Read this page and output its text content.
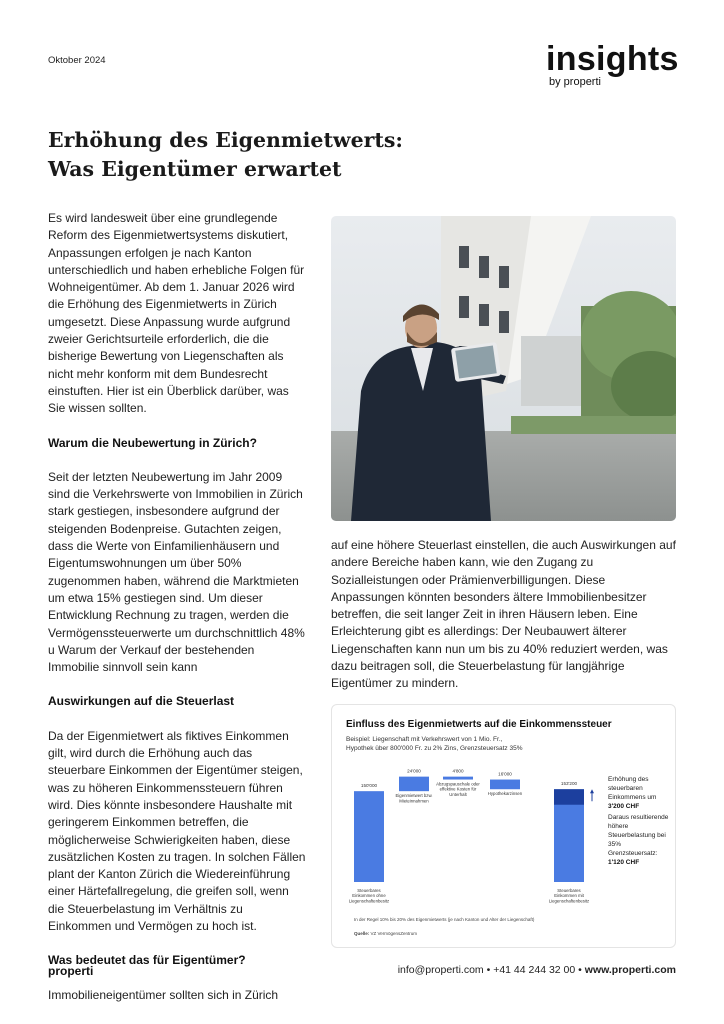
Oktober 2024	insights
by properti
Erhöhung des Eigenmietwerts:
Was Eigentümer erwartet

Es wird landesweit über eine grundlegende Reform des Eigenmietwertsystems diskutiert, Anpassungen erfolgen je nach Kanton unterschiedlich und haben erhebliche Folgen für Wohneigentümer. Ab dem 1. Januar 2026 wird die Erhöhung des Eigenmietwerts in Zürich umgesetzt. Diese Anpassung wurde aufgrund zweier Gerichtsurteile erforderlich, die die bisherige Bewertung von Liegenschaften als nicht mehr konform mit dem Bundesrecht einstuften. Hier ist ein Überblick darüber, was Sie wissen sollten.

Warum die Neubewertung in Zürich?

Seit der letzten Neubewertung im Jahr 2009 sind die Verkehrswerte von Immobilien in Zürich stark gestiegen, insbesondere aufgrund der steigenden Bodenpreise. Gutachten zeigen, dass die Werte von Einfamilienhäusern und Eigentumswohnungen um über 50% zugenommen haben, während die Marktmieten um etwa 15% gestiegen sind. Um dieser Entwicklung Rechnung zu tragen, werden die Vermögenssteuerwerte um durchschnittlich 48% u Warum der Verkauf der bestehenden Immobilie sinnvoll sein kann

Auswirkungen auf die Steuerlast

Da der Eigenmietwert als fiktives Einkommen gilt, wird durch die Erhöhung auch das steuerbare Einkommen der Eigentümer steigen, was zu höheren Einkommenssteuern führen wird. Dies könnte insbesondere Haushalte mit geringerem Einkommen betreffen, die möglicherweise Schwierigkeiten haben, diese zusätzlichen Kosten zu tragen. In solchen Fällen plant der Kanton Zürich die Wiedereinführung einer Härtefallregelung, die greifen soll, wenn die Steuerbelastung im Verhältnis zu Einkommen und Vermögen zu hoch ist.

Was bedeutet das für Eigentümer?

Immobilieneigentümer sollten sich in Zürich

auf eine höhere Steuerlast einstellen, die auch Auswirkungen auf andere Bereiche haben kann, wie den Zugang zu Sozialleistungen oder Prämienverbilligungen. Diese Anpassungen könnten besonders ältere Immobilienbesitzer betreffen, die seit langer Zeit in ihren Häusern leben. Eine Erleichterung gibt es allerdings: Der Neubauwert älterer Liegenschaften kann nun um bis zu 40% reduziert werden, was dazu beitragen soll, die Steuerbelastung für langjährige Eigentümer zu mindern.

Einfluss des Eigenmietwerts auf die Einkommenssteuer
Beispiel: Liegenschaft mit Verkehrswert von 1 Mio. Fr.,
Hypothek über 800'000 Fr. zu 2% Zins, Grenzsteuersatz 35%
150'000
24'000	4'800
16'000
153'200
Steuerbares
Einkommen ohne
Liegenschaftenbesitz
Steuerbares
Einkommen mit
Liegenschaftenbesitz
Eigenmietwert bzw.
Mieteinnahmen
Abzugspauschale oder
effektive Kosten für
Unterhalt	Hypothekarzinsen
Erhöhung des steuerbaren Einkommens um 3'200 CHF
Daraus resultierende höhere Steuerbelastung bei 35% Grenzsteuersatz:
1'120 CHF
In der Regel 10% bis 20% des Eigenmietwerts (je nach Kanton und Alter der Liegenschaft)
Quelle: VZ VermögensZentrum
properti	info@properti.com • +41 44 244 32 00 • www.properti.com
